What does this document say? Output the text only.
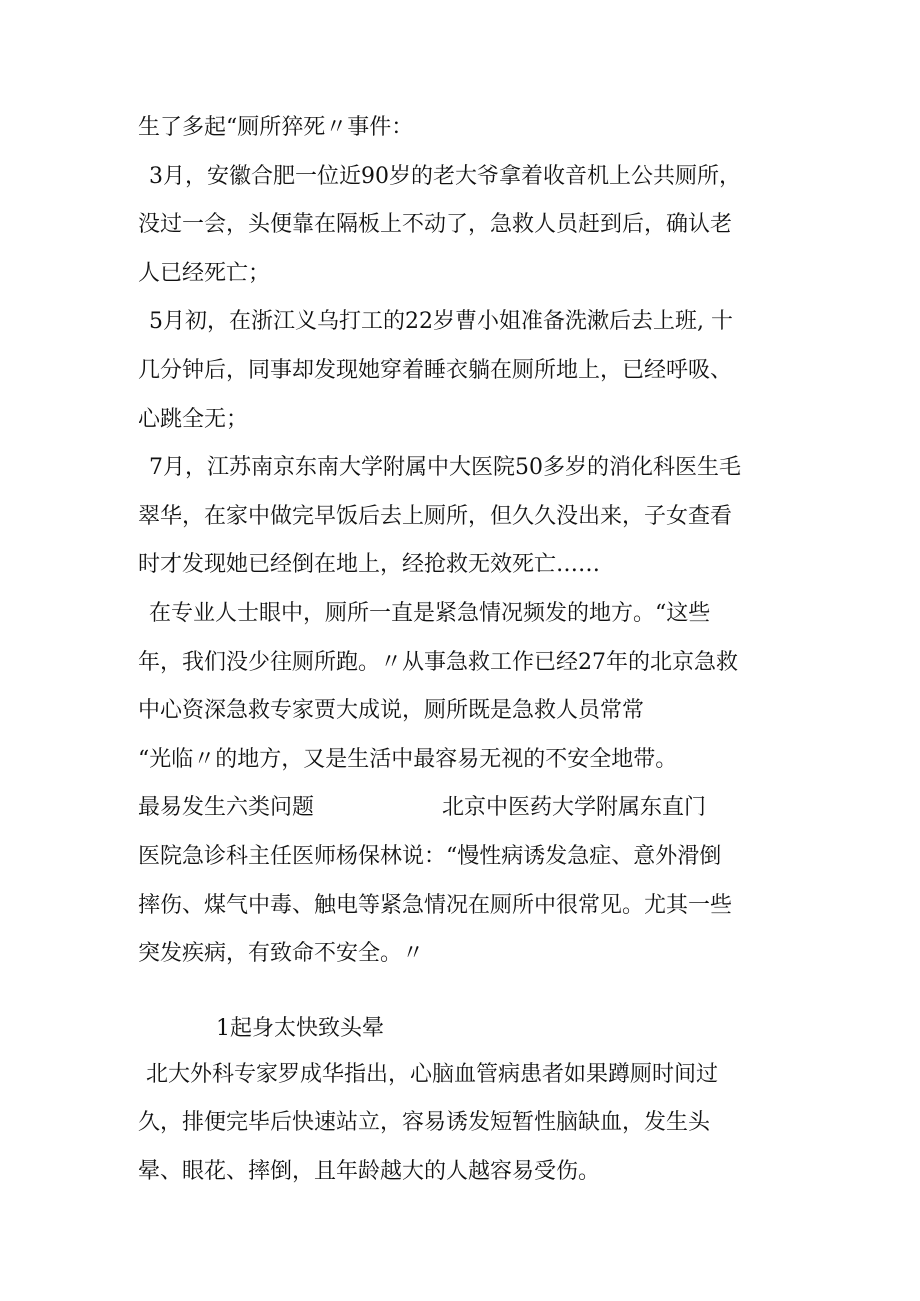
生了多起“厕所猝死〃事件：
3月，安徽合肥一位近90岁的老大爷拿着收音机上公共厕所，
没过一会，头便靠在隔板上不动了，急救人员赶到后，确认老
人已经死亡；
5月初，在浙江义乌打工的22岁曹小姐准备洗漱后去上班, 十
几分钟后，同事却发现她穿着睡衣躺在厕所地上，已经呼吸、
心跳全无；
7月，江苏南京东南大学附属中大医院50多岁的消化科医生毛
翠华，在家中做完早饭后去上厕所，但久久没出来，子女查看
时才发现她已经倒在地上，经抢救无效死亡……
在专业人士眼中，厕所一直是紧急情况频发的地方。“这些
年，我们没少往厕所跑。〃从事急救工作已经27年的北京急救
中心资深急救专家贾大成说，厕所既是急救人员常常
“光临〃的地方，又是生活中最容易无视的不安全地带。
最易发生六类问题	北京中医药大学附属东直门
医院急诊科主任医师杨保林说：“慢性病诱发急症、意外滑倒
摔伤、煤气中毒、触电等紧急情况在厕所中很常见。尤其一些
突发疾病，有致命不安全。〃
1起身太快致头晕
北大外科专家罗成华指出，心脑血管病患者如果蹲厕时间过
久，排便完毕后快速站立，容易诱发短暂性脑缺血，发生头
晕、眼花、摔倒，且年龄越大的人越容易受伤。
